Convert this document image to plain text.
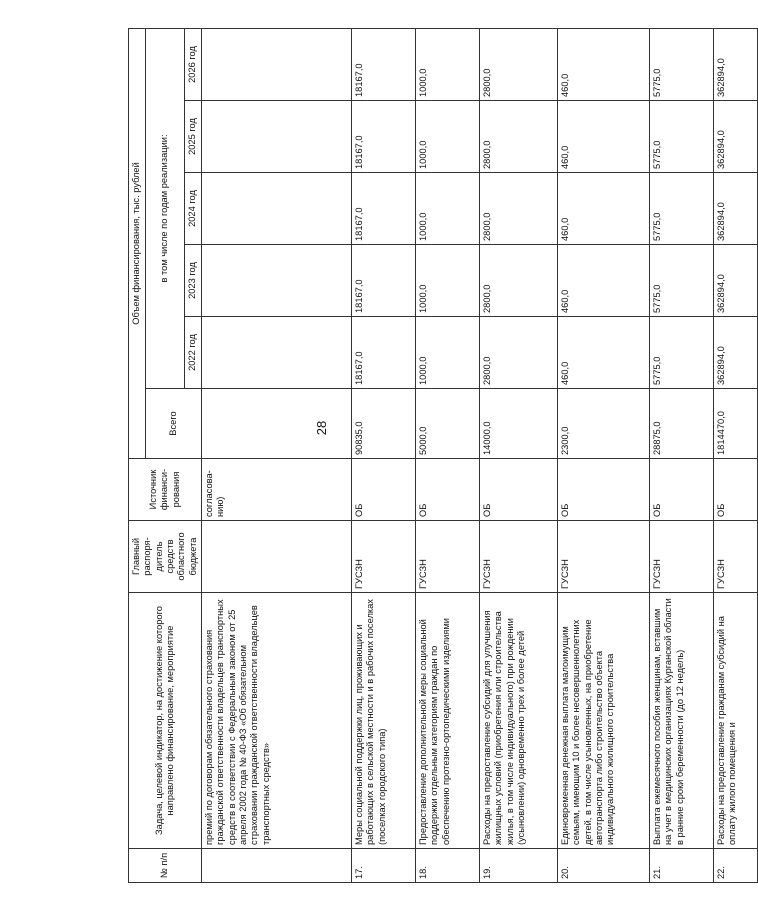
28
№ п/п	Задача, целевой индикатор, на достижение которого направлено финансирование, мероприятие	Главный распоря-дитель средств областного бюджета	Источник финанси-рования	Объем финансирования, тыс. рублей					
				Всего	в том числе по годам реализации:				
					2022 год	2023 год	2024 год	2025 год	2026 год
	премий по договорам обязательного страхования гражданской ответственности владельцев транспортных средств в соответствии с Федеральным законом от 25 апреля 2002 года № 40-ФЗ «Об обязательном страховании гражданской ответственности владельцев транспортных средств»		согласова-нию)						
17.	Меры социальной поддержки лиц, проживающих и работающих в сельской местности и в рабочих поселках (поселках городского типа)	ГУСЗН	ОБ	90835,0	18167,0	18167,0	18167,0	18167,0	18167,0
18.	Предоставление дополнительной меры социальной поддержки отдельным категориям граждан по обеспечению протезно-ортопедическими изделиями	ГУСЗН	ОБ	5000,0	1000,0	1000,0	1000,0	1000,0	1000,0
19.	Расходы на предоставление субсидий для улучшения жилищных условий (приобретения или строительства жилья, в том числе индивидуального) при рождении (усыновлении) одновременно трех и более детей	ГУСЗН	ОБ	14000,0	2800,0	2800,0	2800,0	2800,0	2800,0
20.	Единовременная денежная выплата малоимущим семьям, имеющим 10 и более несовершеннолетних детей, в том числе усыновленных, на приобретение автотранспорта либо строительство объекта индивидуального жилищного строительства	ГУСЗН	ОБ	2300,0	460,0	460,0	460,0	460,0	460,0
21.	Выплата ежемесячного пособия женщинам, вставшим на учет в медицинских организациях Курганской области в ранние сроки беременности (до 12 недель)	ГУСЗН	ОБ	28875,0	5775,0	5775,0	5775,0	5775,0	5775,0
22.	Расходы на предоставление гражданам субсидий на оплату жилого помещения и	ГУСЗН	ОБ	1814470,0	362894,0	362894,0	362894,0	362894,0	362894,0
